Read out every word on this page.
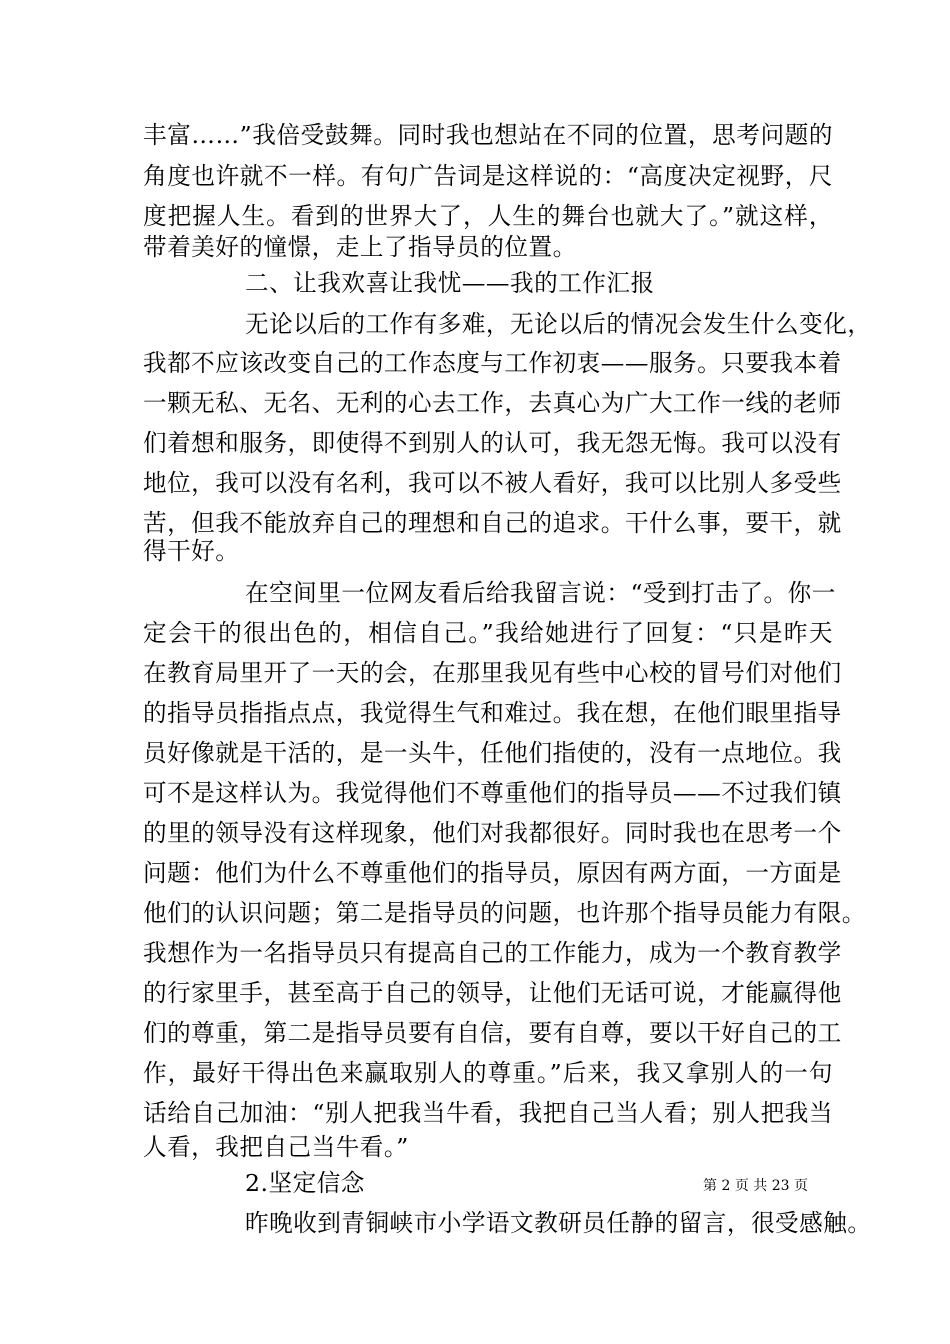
丰富……”我倍受鼓舞。同时我也想站在不同的位置，思考问题的
角度也许就不一样。有句广告词是这样说的：“高度决定视野，尺
度把握人生。看到的世界大了，人生的舞台也就大了。”就这样，
带着美好的憧憬，走上了指导员的位置。
二、让我欢喜让我忧——我的工作汇报
无论以后的工作有多难，无论以后的情况会发生什么变化，
我都不应该改变自己的工作态度与工作初衷——服务。只要我本着
一颗无私、无名、无利的心去工作，去真心为广大工作一线的老师
们着想和服务，即使得不到别人的认可，我无怨无悔。我可以没有
地位，我可以没有名利，我可以不被人看好，我可以比别人多受些
苦，但我不能放弃自己的理想和自己的追求。干什么事，要干，就
得干好。
在空间里一位网友看后给我留言说：“受到打击了。你一
定会干的很出色的，相信自己。”我给她进行了回复：“只是昨天
在教育局里开了一天的会，在那里我见有些中心校的冒号们对他们
的指导员指指点点，我觉得生气和难过。我在想，在他们眼里指导
员好像就是干活的，是一头牛，任他们指使的，没有一点地位。我
可不是这样认为。我觉得他们不尊重他们的指导员——不过我们镇
的里的领导没有这样现象，他们对我都很好。同时我也在思考一个
问题：他们为什么不尊重他们的指导员，原因有两方面，一方面是
他们的认识问题；第二是指导员的问题，也许那个指导员能力有限。
我想作为一名指导员只有提高自己的工作能力，成为一个教育教学
的行家里手，甚至高于自己的领导，让他们无话可说，才能赢得他
们的尊重，第二是指导员要有自信，要有自尊，要以干好自己的工
作，最好干得出色来赢取别人的尊重。”后来，我又拿别人的一句
话给自己加油：“别人把我当牛看，我把自己当人看；别人把我当
人看，我把自己当牛看。”
2.坚定信念
昨晚收到青铜峡市小学语文教研员任静的留言，很受感触。
第 2 页 共 23 页
